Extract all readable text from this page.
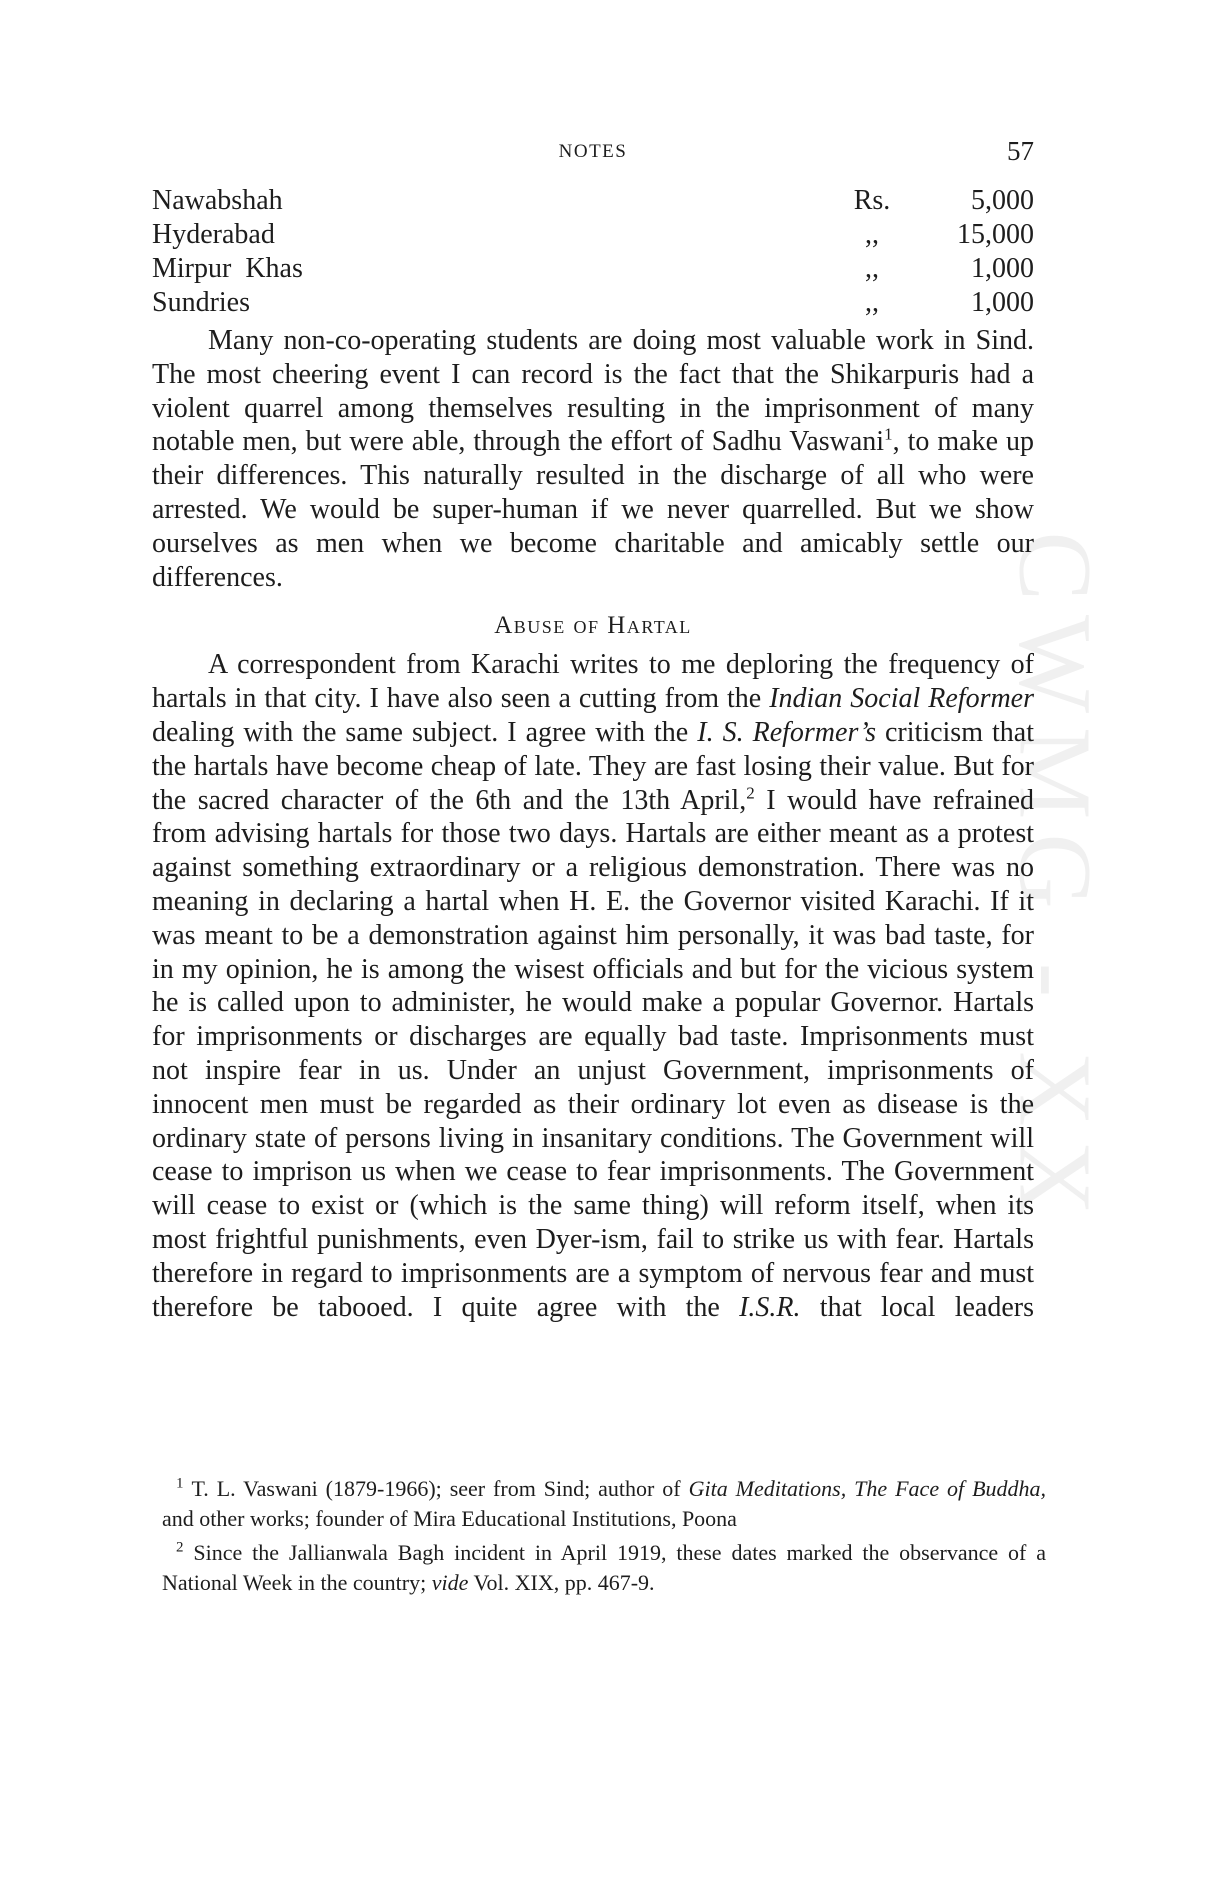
CWMG - XX
NOTES	57
Nawabshah	Rs.	5,000
Hyderabad	,,	15,000
Mirpur  Khas	,,	1,000
Sundries	,,	1,000

Many non-co-operating students are doing most valuable work in Sind. The most cheering event I can record is the fact that the Shikarpuris had a violent quarrel among themselves resulting in the imprisonment of many notable men, but were able, through the effort of Sadhu Vaswani$^1$, to make up their differences. This naturally resulted in the discharge of all who were arrested. We would be super-human if we never quarrelled. But we show ourselves as men when we become charitable and amicably settle our differences.

Abuse of Hartal

A correspondent from Karachi writes to me deploring the frequency of hartals in that city. I have also seen a cutting from the Indian Social Reformer dealing with the same subject. I agree with the I. S. Reformer’s criticism that the hartals have become cheap of late. They are fast losing their value. But for the sacred character of the 6th and the 13th April,$^2$ I would have refrained from advising hartals for those two days. Hartals are either meant as a protest against something extraordinary or a religious demonstration. There was no meaning in declaring a hartal when H. E. the Governor visited Karachi. If it was meant to be a demonstration against him personally, it was bad taste, for in my opinion, he is among the wisest officials and but for the vicious system he is called upon to administer, he would make a popular Governor. Hartals for imprisonments or discharges are equally bad taste. Imprisonments must not inspire fear in us. Under an unjust Government, imprisonments of innocent men must be regarded as their ordinary lot even as disease is the ordinary state of persons living in insanitary conditions. The Government will cease to imprison us when we cease to fear imprisonments. The Government will cease to exist or (which is the same thing) will reform itself, when its most frightful punishments, even Dyer-ism, fail to strike us with fear. Hartals therefore in regard to imprisonments are a symptom of nervous fear and must therefore be tabooed. I quite agree with the I.S.R. that local leaders

$^1$ T. L. Vaswani (1879-1966); seer from Sind; author of Gita Meditations, The Face of Buddha, and other works; founder of Mira Educational Institutions, Poona

$^2$ Since the Jallianwala Bagh incident in April 1919, these dates marked the observance of a National Week in the country; vide Vol. XIX, pp. 467-9.
